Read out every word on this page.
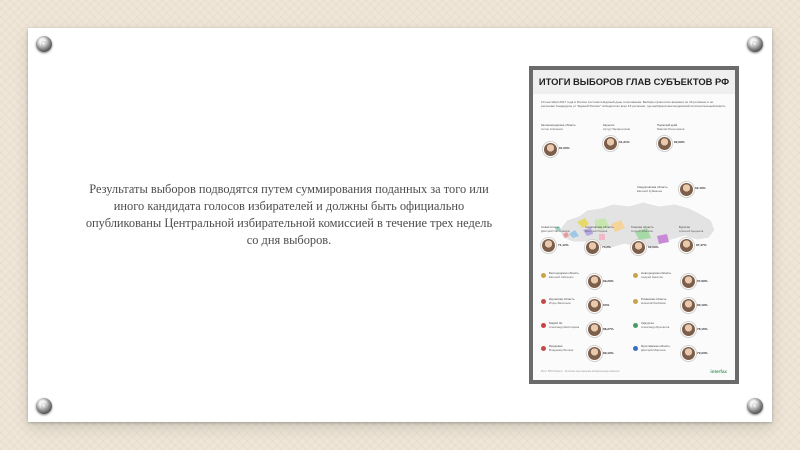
Результаты выборов подводятся путем суммирования поданных за того или иного кандидата голосов избирателей и должны быть официально опубликованы Центральной избирательной комиссией в течение трех недель со дня выборов.

ИТОГИ ВЫБОРОВ ГЛАВ СУБЪЕКТОВ РФ

10 сентября 2017 года в России состоялся Единый день голосования. Выборы прошли во времени по 16 регионах и по регионам. Кандидаты от "Единой России" победили во всех 16 регионах, где выбирали высокодоволий исполнительный власти.

Калининградская область
Антон Алиханов
81,06%
Карелия
Артур Парфенчиков
61,31%
Пермский край
Максим Решетников
82,09%
Свердловская область
Евгений Куйвашев
62,16%
Севастополь
Дмитрий Овсянников
71,12%
Саратовская область
Валерий Радаев
73,2%
Томская область
Сергей Жвачкин
60,59%
Бурятия
Алексей Цыденов
87,47%
Белгородская область
Евгений Савченко
69,29%
Кировская область
Игорь Васильев
64%
Марий Эл
Александр Евстифеев
88,27%
Мордовия
Владимир Волков
89,19%
Новгородская область
Андрей Никитин
67,99%
Рязанская область
Николай Любимов
80,19%
Удмуртия
Александр Бречалов
78,16%
Ярославская область
Дмитрий Миронов
79,33%
Фото: РИА Новости · Источник: Центральная избирательная комиссия	interfax
